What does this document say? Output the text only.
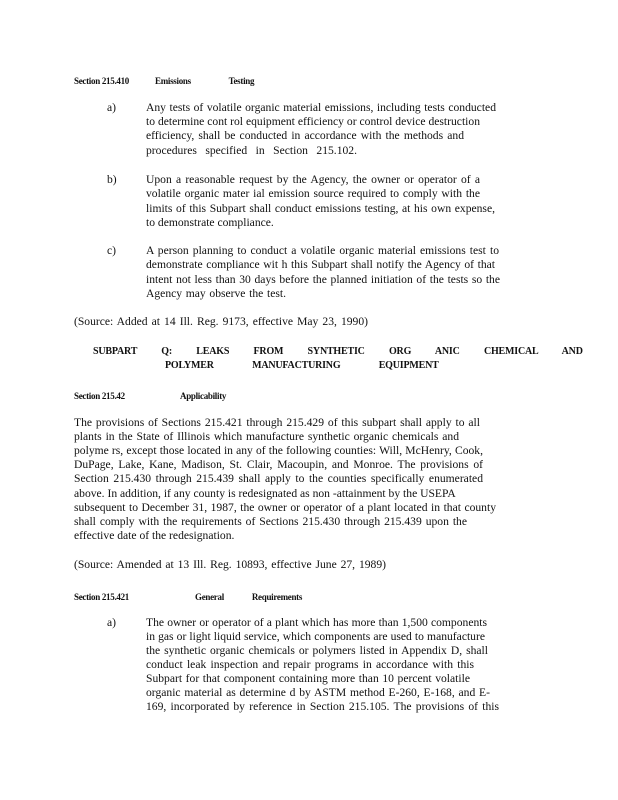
Section 215.410	Emissions Testing
a)	Any tests of volatile organic material emissions, including tests conducted
to determine cont rol equipment efficiency or control device destruction
efficiency, shall be conducted in accordance with the methods and
procedures specified in Section 215.102.
b)	Upon a reasonable request by the Agency, the owner or operator of a
volatile organic mater ial emission source required to comply with the
limits of this Subpart shall conduct emissions testing, at his own expense,
to demonstrate compliance.
c)	A person planning to conduct a volatile organic material emissions test to
demonstrate compliance wit h this Subpart shall notify the Agency of that
intent not less than 30 days before the planned initiation of the tests so the
Agency may observe the test.
(Source: Added at 14 Ill. Reg. 9173, effective May 23, 1990)
SUBPART Q: LEAKS FROM SYNTHETIC ORG ANIC CHEMICAL AND
POLYMER MANUFACTURING EQUIPMENT
Section 215.42	Applicability
The provisions of Sections 215.421 through 215.429 of this subpart shall apply to all
plants in the State of Illinois which manufacture synthetic organic chemicals and
polyme rs, except those located in any of the following counties: Will, McHenry, Cook,
DuPage, Lake, Kane, Madison, St. Clair, Macoupin, and Monroe. The provisions of
Section 215.430 through 215.439 shall apply to the counties specifically enumerated
above. In addition, if any county is redesignated as non -attainment by the USEPA
subsequent to December 31, 1987, the owner or operator of a plant located in that county
shall comply with the requirements of Sections 215.430 through 215.439 upon the
effective date of the redesignation.
(Source: Amended at 13 Ill. Reg. 10893, effective June 27, 1989)
Section 215.421	General Requirements
a)	The owner or operator of a plant which has more than 1,500 components
in gas or light liquid service, which components are used to manufacture
the synthetic organic chemicals or polymers listed in Appendix D, shall
conduct leak inspection and repair programs in accordance with this
Subpart for that component containing more than 10 percent volatile
organic material as determine d by ASTM method E-260, E-168, and E-
169, incorporated by reference in Section 215.105. The provisions of this
